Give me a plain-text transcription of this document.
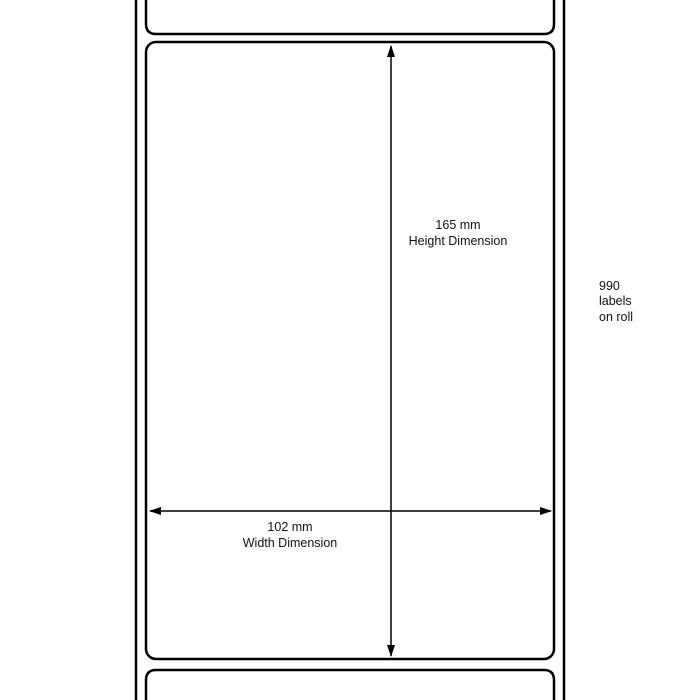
165 mm
Height Dimension
102 mm
Width Dimension
990
labels
on roll
